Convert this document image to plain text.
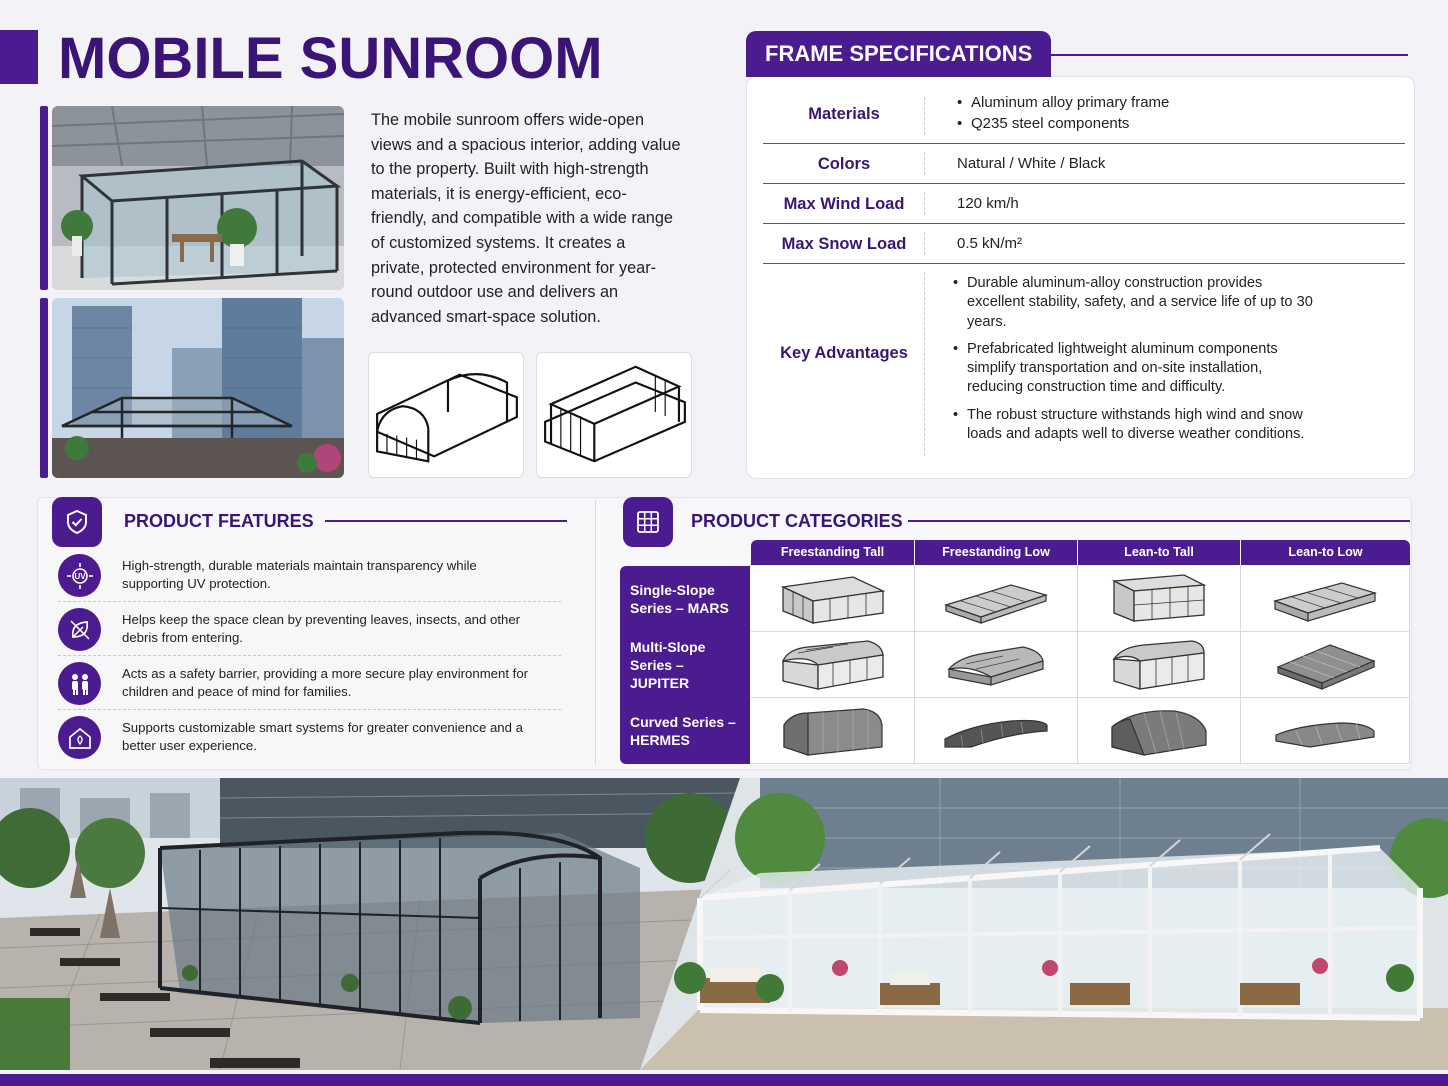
MOBILE SUNROOM

The mobile sunroom offers wide-open views and a spacious interior, adding value to the property. Built with high-strength materials, it is energy-efficient, eco-friendly, and compatible with a wide range of customized systems. It creates a private, protected environment for year-round outdoor use and delivers an advanced smart-space solution.

FRAME SPECIFICATIONS
Materials
• Aluminum alloy primary frame
• Q235 steel components
Colors	Natural / White / Black
Max Wind Load	120 km/h
Max Snow Load	0.5 kN/m²
Key Advantages
• Durable aluminum-alloy construction provides excellent stability, safety, and a service life of up to 30 years.
• Prefabricated lightweight aluminum components simplify transportation and on-site installation, reducing construction time and difficulty.
• The robust structure withstands high wind and snow loads and adapts well to diverse weather conditions.
PRODUCT FEATURES
UV
High-strength, durable materials maintain transparency while supporting UV protection.
Helps keep the space clean by preventing leaves, insects, and other debris from entering.
Acts as a safety barrier, providing a more secure play environment for children and peace of mind for families.
Supports customizable smart systems for greater convenience and a better user experience.
PRODUCT CATEGORIES
Freestanding Tall	Freestanding Low	Lean-to Tall	Lean-to Low
Single-Slope Series – MARS
Multi-Slope Series – JUPITER
Curved Series – HERMES
